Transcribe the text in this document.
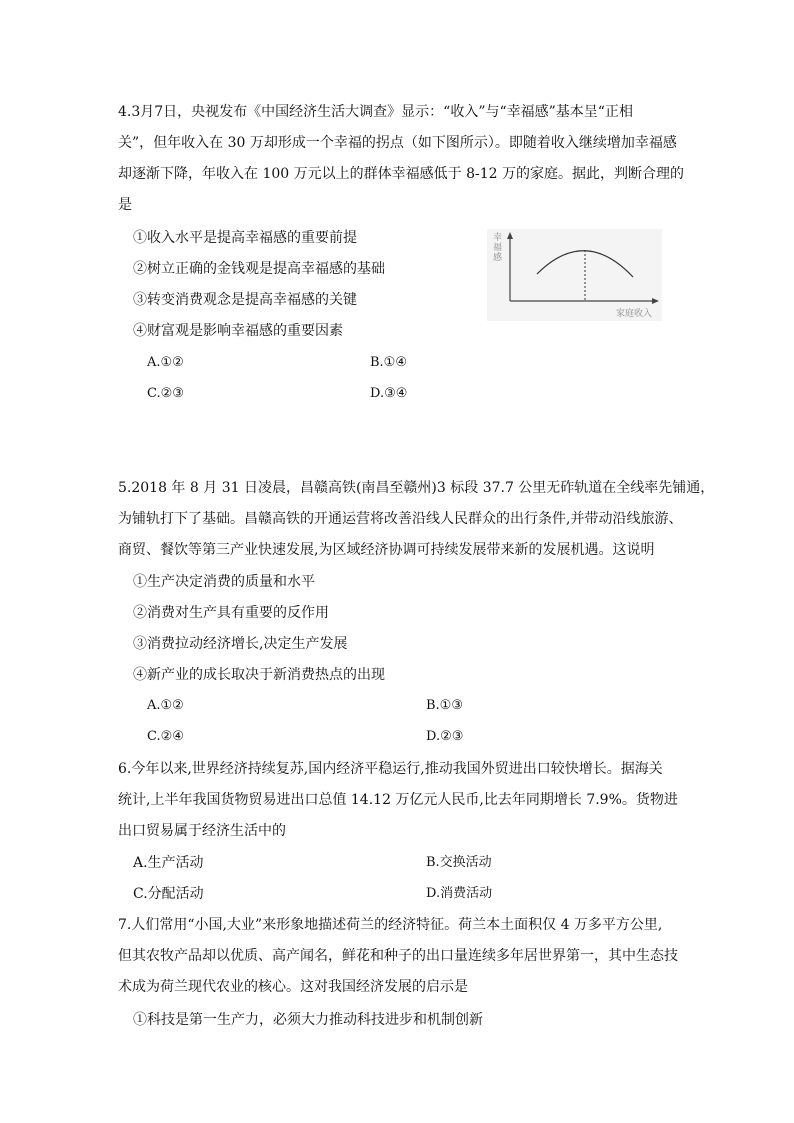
4.3月7日，央视发布《中国经济生活大调查》显示：“收入”与“幸福感”基本呈“正相
关”，但年收入在 30 万却形成一个幸福的拐点（如下图所示）。即随着收入继续增加幸福感
却逐渐下降，年收入在 100 万元以上的群体幸福感低于 8-12 万的家庭。据此，判断合理的
是
①收入水平是提高幸福感的重要前提
②树立正确的金钱观是提高幸福感的基础
③转变消费观念是提高幸福感的关键
④财富观是影响幸福感的重要因素
A.①②	B.①④
C.②③	D.③④
幸福感
家庭收入
5.2018 年 8 月 31 日凌晨，昌赣高铁(南昌至赣州)3 标段 37.7 公里无砟轨道在全线率先铺通，
为铺轨打下了基础。昌赣高铁的开通运营将改善沿线人民群众的出行条件,并带动沿线旅游、
商贸、餐饮等第三产业快速发展,为区域经济协调可持续发展带来新的发展机遇。这说明
①生产决定消费的质量和水平
②消费对生产具有重要的反作用
③消费拉动经济增长,决定生产发展
④新产业的成长取决于新消费热点的出现
A.①②	B.①③
C.②④	D.②③
6.今年以来,世界经济持续复苏,国内经济平稳运行,推动我国外贸进出口较快增长。据海关
统计,上半年我国货物贸易进出口总值 14.12 万亿元人民币,比去年同期增长 7.9%。货物进
出口贸易属于经济生活中的
A.生产活动	B.交换活动
C.分配活动	D.消费活动
7.人们常用“小国,大业”来形象地描述荷兰的经济特征。荷兰本土面积仅 4 万多平方公里,
但其农牧产品却以优质、高产闻名，鲜花和种子的出口量连续多年居世界第一，其中生态技
术成为荷兰现代农业的核心。这对我国经济发展的启示是
①科技是第一生产力，必须大力推动科技进步和机制创新
